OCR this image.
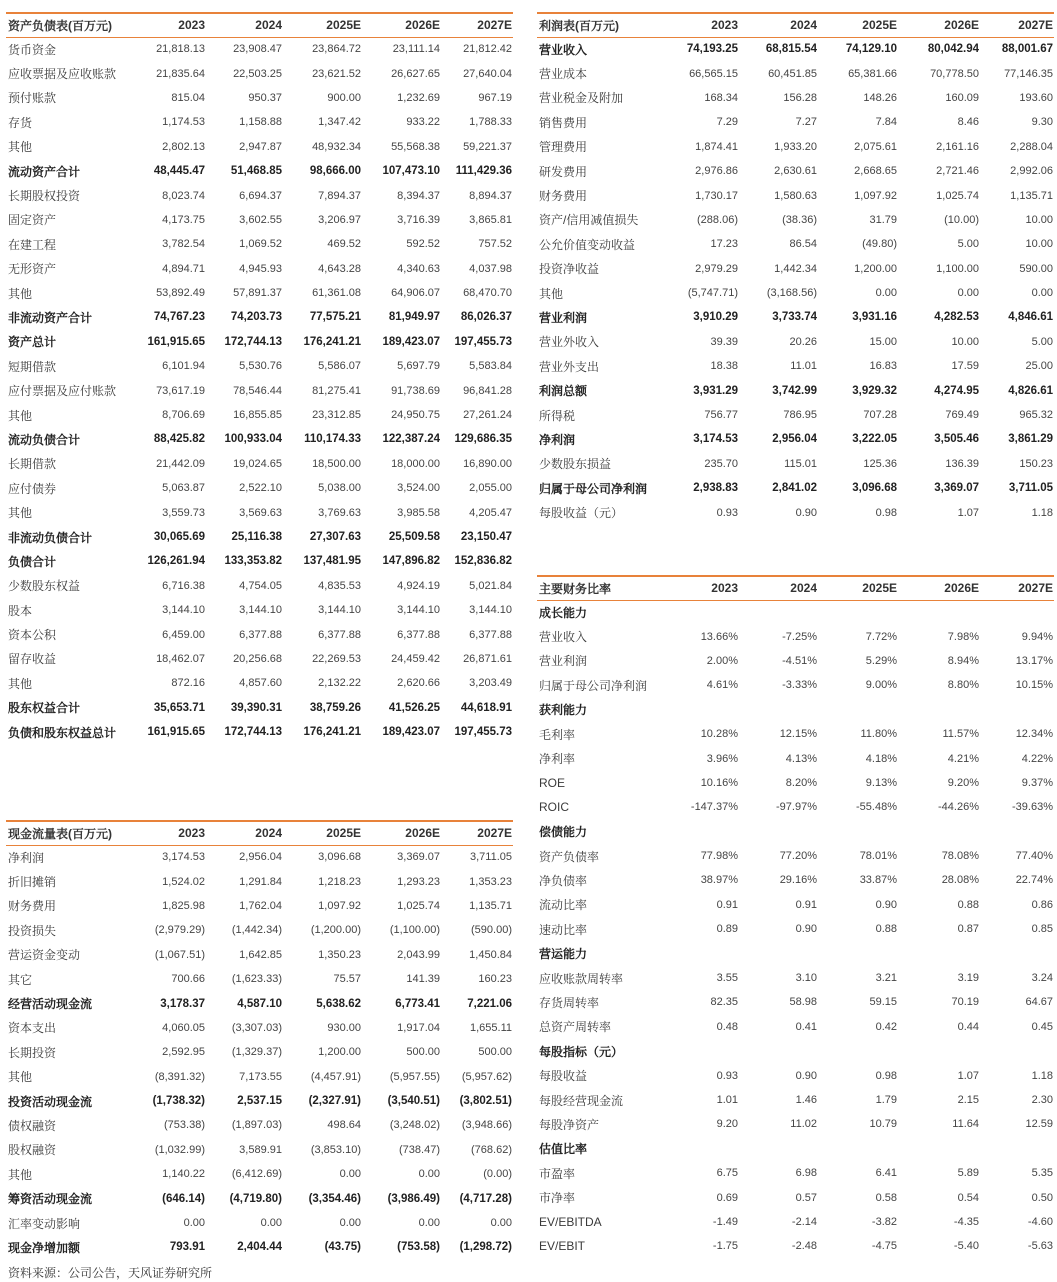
资产负债表(百万元)	2023	2024	2025E	2026E	2027E
货币资金	21,818.13	23,908.47	23,864.72	23,111.14	21,812.42
应收票据及应收账款	21,835.64	22,503.25	23,621.52	26,627.65	27,640.04
预付账款	815.04	950.37	900.00	1,232.69	967.19
存货	1,174.53	1,158.88	1,347.42	933.22	1,788.33
其他	2,802.13	2,947.87	48,932.34	55,568.38	59,221.37
流动资产合计	48,445.47	51,468.85	98,666.00	107,473.10	111,429.36
长期股权投资	8,023.74	6,694.37	7,894.37	8,394.37	8,894.37
固定资产	4,173.75	3,602.55	3,206.97	3,716.39	3,865.81
在建工程	3,782.54	1,069.52	469.52	592.52	757.52
无形资产	4,894.71	4,945.93	4,643.28	4,340.63	4,037.98
其他	53,892.49	57,891.37	61,361.08	64,906.07	68,470.70
非流动资产合计	74,767.23	74,203.73	77,575.21	81,949.97	86,026.37
资产总计	161,915.65	172,744.13	176,241.21	189,423.07	197,455.73
短期借款	6,101.94	5,530.76	5,586.07	5,697.79	5,583.84
应付票据及应付账款	73,617.19	78,546.44	81,275.41	91,738.69	96,841.28
其他	8,706.69	16,855.85	23,312.85	24,950.75	27,261.24
流动负债合计	88,425.82	100,933.04	110,174.33	122,387.24	129,686.35
长期借款	21,442.09	19,024.65	18,500.00	18,000.00	16,890.00
应付债券	5,063.87	2,522.10	5,038.00	3,524.00	2,055.00
其他	3,559.73	3,569.63	3,769.63	3,985.58	4,205.47
非流动负债合计	30,065.69	25,116.38	27,307.63	25,509.58	23,150.47
负债合计	126,261.94	133,353.82	137,481.95	147,896.82	152,836.82
少数股东权益	6,716.38	4,754.05	4,835.53	4,924.19	5,021.84
股本	3,144.10	3,144.10	3,144.10	3,144.10	3,144.10
资本公积	6,459.00	6,377.88	6,377.88	6,377.88	6,377.88
留存收益	18,462.07	20,256.68	22,269.53	24,459.42	26,871.61
其他	872.16	4,857.60	2,132.22	2,620.66	3,203.49
股东权益合计	35,653.71	39,390.31	38,759.26	41,526.25	44,618.91
负债和股东权益总计	161,915.65	172,744.13	176,241.21	189,423.07	197,455.73
利润表(百万元)	2023	2024	2025E	2026E	2027E
营业收入	74,193.25	68,815.54	74,129.10	80,042.94	88,001.67
营业成本	66,565.15	60,451.85	65,381.66	70,778.50	77,146.35
营业税金及附加	168.34	156.28	148.26	160.09	193.60
销售费用	7.29	7.27	7.84	8.46	9.30
管理费用	1,874.41	1,933.20	2,075.61	2,161.16	2,288.04
研发费用	2,976.86	2,630.61	2,668.65	2,721.46	2,992.06
财务费用	1,730.17	1,580.63	1,097.92	1,025.74	1,135.71
资产/信用减值损失	(288.06)	(38.36)	31.79	(10.00)	10.00
公允价值变动收益	17.23	86.54	(49.80)	5.00	10.00
投资净收益	2,979.29	1,442.34	1,200.00	1,100.00	590.00
其他	(5,747.71)	(3,168.56)	0.00	0.00	0.00
营业利润	3,910.29	3,733.74	3,931.16	4,282.53	4,846.61
营业外收入	39.39	20.26	15.00	10.00	5.00
营业外支出	18.38	11.01	16.83	17.59	25.00
利润总额	3,931.29	3,742.99	3,929.32	4,274.95	4,826.61
所得税	756.77	786.95	707.28	769.49	965.32
净利润	3,174.53	2,956.04	3,222.05	3,505.46	3,861.29
少数股东损益	235.70	115.01	125.36	136.39	150.23
归属于母公司净利润	2,938.83	2,841.02	3,096.68	3,369.07	3,711.05
每股收益（元）	0.93	0.90	0.98	1.07	1.18
现金流量表(百万元)	2023	2024	2025E	2026E	2027E
净利润	3,174.53	2,956.04	3,096.68	3,369.07	3,711.05
折旧摊销	1,524.02	1,291.84	1,218.23	1,293.23	1,353.23
财务费用	1,825.98	1,762.04	1,097.92	1,025.74	1,135.71
投资损失	(2,979.29)	(1,442.34)	(1,200.00)	(1,100.00)	(590.00)
营运资金变动	(1,067.51)	1,642.85	1,350.23	2,043.99	1,450.84
其它	700.66	(1,623.33)	75.57	141.39	160.23
经营活动现金流	3,178.37	4,587.10	5,638.62	6,773.41	7,221.06
资本支出	4,060.05	(3,307.03)	930.00	1,917.04	1,655.11
长期投资	2,592.95	(1,329.37)	1,200.00	500.00	500.00
其他	(8,391.32)	7,173.55	(4,457.91)	(5,957.55)	(5,957.62)
投资活动现金流	(1,738.32)	2,537.15	(2,327.91)	(3,540.51)	(3,802.51)
债权融资	(753.38)	(1,897.03)	498.64	(3,248.02)	(3,948.66)
股权融资	(1,032.99)	3,589.91	(3,853.10)	(738.47)	(768.62)
其他	1,140.22	(6,412.69)	0.00	0.00	(0.00)
筹资活动现金流	(646.14)	(4,719.80)	(3,354.46)	(3,986.49)	(4,717.28)
汇率变动影响	0.00	0.00	0.00	0.00	0.00
现金净增加额	793.91	2,404.44	(43.75)	(753.58)	(1,298.72)
主要财务比率	2023	2024	2025E	2026E	2027E
成长能力					
营业收入	13.66%	-7.25%	7.72%	7.98%	9.94%
营业利润	2.00%	-4.51%	5.29%	8.94%	13.17%
归属于母公司净利润	4.61%	-3.33%	9.00%	8.80%	10.15%
获利能力					
毛利率	10.28%	12.15%	11.80%	11.57%	12.34%
净利率	3.96%	4.13%	4.18%	4.21%	4.22%
ROE	10.16%	8.20%	9.13%	9.20%	9.37%
ROIC	-147.37%	-97.97%	-55.48%	-44.26%	-39.63%
偿债能力					
资产负债率	77.98%	77.20%	78.01%	78.08%	77.40%
净负债率	38.97%	29.16%	33.87%	28.08%	22.74%
流动比率	0.91	0.91	0.90	0.88	0.86
速动比率	0.89	0.90	0.88	0.87	0.85
营运能力					
应收账款周转率	3.55	3.10	3.21	3.19	3.24
存货周转率	82.35	58.98	59.15	70.19	64.67
总资产周转率	0.48	0.41	0.42	0.44	0.45
每股指标（元）					
每股收益	0.93	0.90	0.98	1.07	1.18
每股经营现金流	1.01	1.46	1.79	2.15	2.30
每股净资产	9.20	11.02	10.79	11.64	12.59
估值比率					
市盈率	6.75	6.98	6.41	5.89	5.35
市净率	0.69	0.57	0.58	0.54	0.50
EV/EBITDA	-1.49	-2.14	-3.82	-4.35	-4.60
EV/EBIT	-1.75	-2.48	-4.75	-5.40	-5.63
资料来源：公司公告，天风证券研究所
